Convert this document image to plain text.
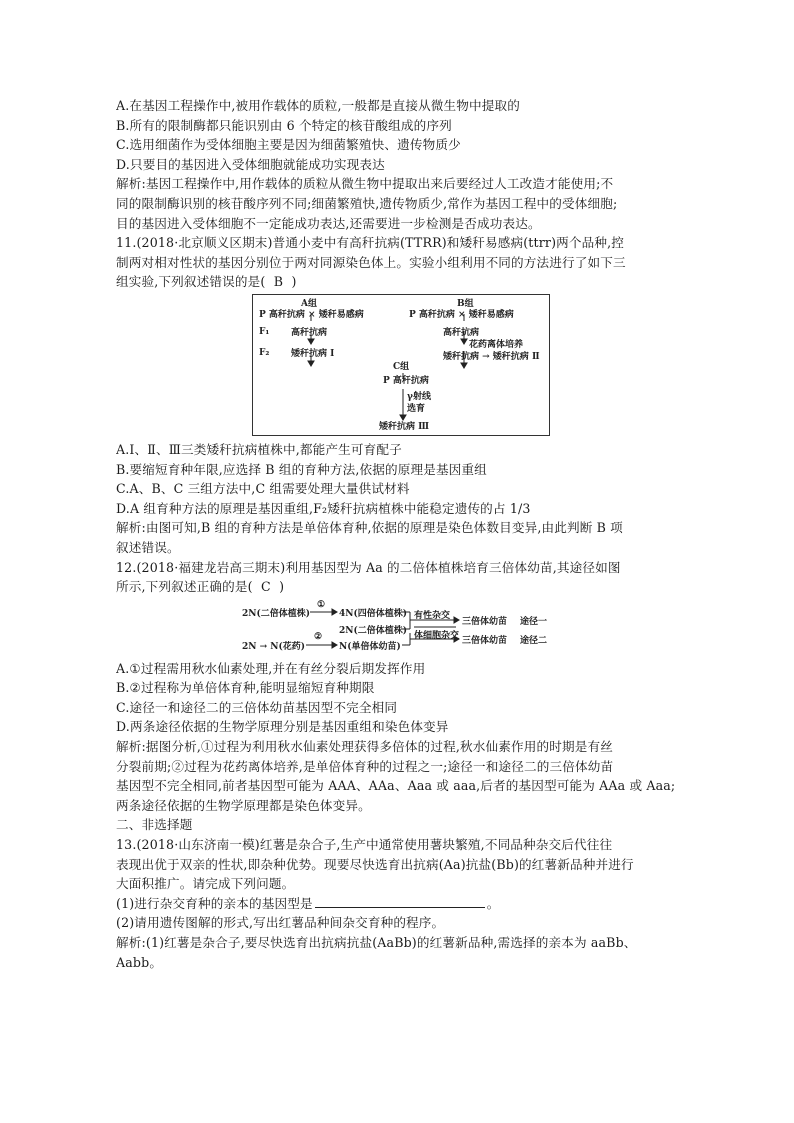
A.在基因工程操作中,被用作载体的质粒,一般都是直接从微生物中提取的
B.所有的限制酶都只能识别由 6 个特定的核苷酸组成的序列
C.选用细菌作为受体细胞主要是因为细菌繁殖快、遗传物质少
D.只要目的基因进入受体细胞就能成功实现表达
解析:基因工程操作中,用作载体的质粒从微生物中提取出来后要经过人工改造才能使用;不
同的限制酶识别的核苷酸序列不同;细菌繁殖快,遗传物质少,常作为基因工程中的受体细胞;
目的基因进入受体细胞不一定能成功表达,还需要进一步检测是否成功表达。
11.(2018·北京顺义区期末)普通小麦中有高秆抗病(TTRR)和矮秆易感病(ttrr)两个品种,控
制两对相对性状的基因分别位于两对同源染色体上。实验小组利用不同的方法进行了如下三
组实验,下列叙述错误的是(  B  )
A组
P 高秆抗病 × 矮秆易感病
F₁ 高秆抗病
F₂ 矮秆抗病 Ⅰ
B组
P 高秆抗病 × 矮秆易感病
高秆抗病
花药离体培养
矮秆抗病 → 矮秆抗病 Ⅱ
C组
P 高秆抗病
γ射线
选育
矮秆抗病 Ⅲ
A.Ⅰ、Ⅱ、Ⅲ三类矮秆抗病植株中,都能产生可育配子
B.要缩短育种年限,应选择 B 组的育种方法,依据的原理是基因重组
C.A、B、C 三组方法中,C 组需要处理大量供试材料
D.A 组育种方法的原理是基因重组,F₂矮秆抗病植株中能稳定遗传的占 1/3
解析:由图可知,B 组的育种方法是单倍体育种,依据的原理是染色体数目变异,由此判断 B 项
叙述错误。
12.(2018·福建龙岩高三期末)利用基因型为 Aa 的二倍体植株培育三倍体幼苗,其途径如图
所示,下列叙述正确的是(  C  )
2N(二倍体植株)
①
4N(四倍体植株)
2N(二倍体植株)
2N → N(花药)
②
N(单倍体幼苗)
有性杂交
体细胞杂交
三倍体幼苗 途径一
三倍体幼苗 途径二
A.①过程需用秋水仙素处理,并在有丝分裂后期发挥作用
B.②过程称为单倍体育种,能明显缩短育种期限
C.途径一和途径二的三倍体幼苗基因型不完全相同
D.两条途径依据的生物学原理分别是基因重组和染色体变异
解析:据图分析,①过程为利用秋水仙素处理获得多倍体的过程,秋水仙素作用的时期是有丝
分裂前期;②过程为花药离体培养,是单倍体育种的过程之一;途径一和途径二的三倍体幼苗
基因型不完全相同,前者基因型可能为 AAA、AAa、Aaa 或 aaa,后者的基因型可能为 AAa 或 Aaa;
两条途径依据的生物学原理都是染色体变异。
二、非选择题
13.(2018·山东济南一模)红薯是杂合子,生产中通常使用薯块繁殖,不同品种杂交后代往往
表现出优于双亲的性状,即杂种优势。现要尽快选育出抗病(Aa)抗盐(Bb)的红薯新品种并进行
大面积推广。请完成下列问题。
(1)进行杂交育种的亲本的基因型是	。
(2)请用遗传图解的形式,写出红薯品种间杂交育种的程序。
解析:(1)红薯是杂合子,要尽快选育出抗病抗盐(AaBb)的红薯新品种,需选择的亲本为 aaBb、
Aabb。
